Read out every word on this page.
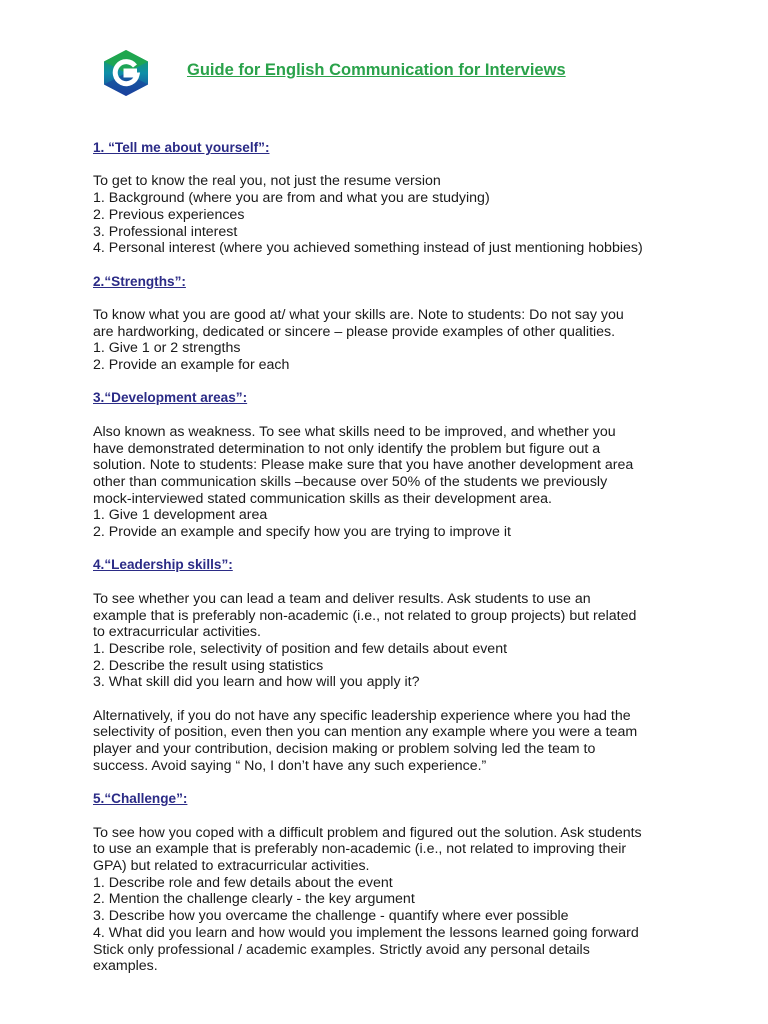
Guide for English Communication for Interviews

1. “Tell me about yourself”:

To get to know the real you, not just the resume version

1. Background (where you are from and what you are studying)

2. Previous experiences

3. Professional interest

4. Personal interest (where you achieved something instead of just mentioning hobbies)

2.“Strengths”:

To know what you are good at/ what your skills are. Note to students: Do not say you

are hardworking, dedicated or sincere – please provide examples of other qualities.

1. Give 1 or 2 strengths

2. Provide an example for each

3.“Development areas”:

Also known as weakness. To see what skills need to be improved, and whether you

have demonstrated determination to not only identify the problem but figure out a

solution. Note to students: Please make sure that you have another development area

other than communication skills –because over 50% of the students we previously

mock-interviewed stated communication skills as their development area.

1. Give 1 development area

2. Provide an example and specify how you are trying to improve it

4.“Leadership skills”:

To see whether you can lead a team and deliver results. Ask students to use an

example that is preferably non-academic (i.e., not related to group projects) but related

to extracurricular activities.

1. Describe role, selectivity of position and few details about event

2. Describe the result using statistics

3. What skill did you learn and how will you apply it?

Alternatively, if you do not have any specific leadership experience where you had the

selectivity of position, even then you can mention any example where you were a team

player and your contribution, decision making or problem solving led the team to

success. Avoid saying “ No, I don’t have any such experience.”

5.“Challenge”:

To see how you coped with a difficult problem and figured out the solution. Ask students

to use an example that is preferably non-academic (i.e., not related to improving their

GPA) but related to extracurricular activities.

1. Describe role and few details about the event

2. Mention the challenge clearly - the key argument

3. Describe how you overcame the challenge - quantify where ever possible

4. What did you learn and how would you implement the lessons learned going forward

Stick only professional / academic examples. Strictly avoid any personal details

examples.
